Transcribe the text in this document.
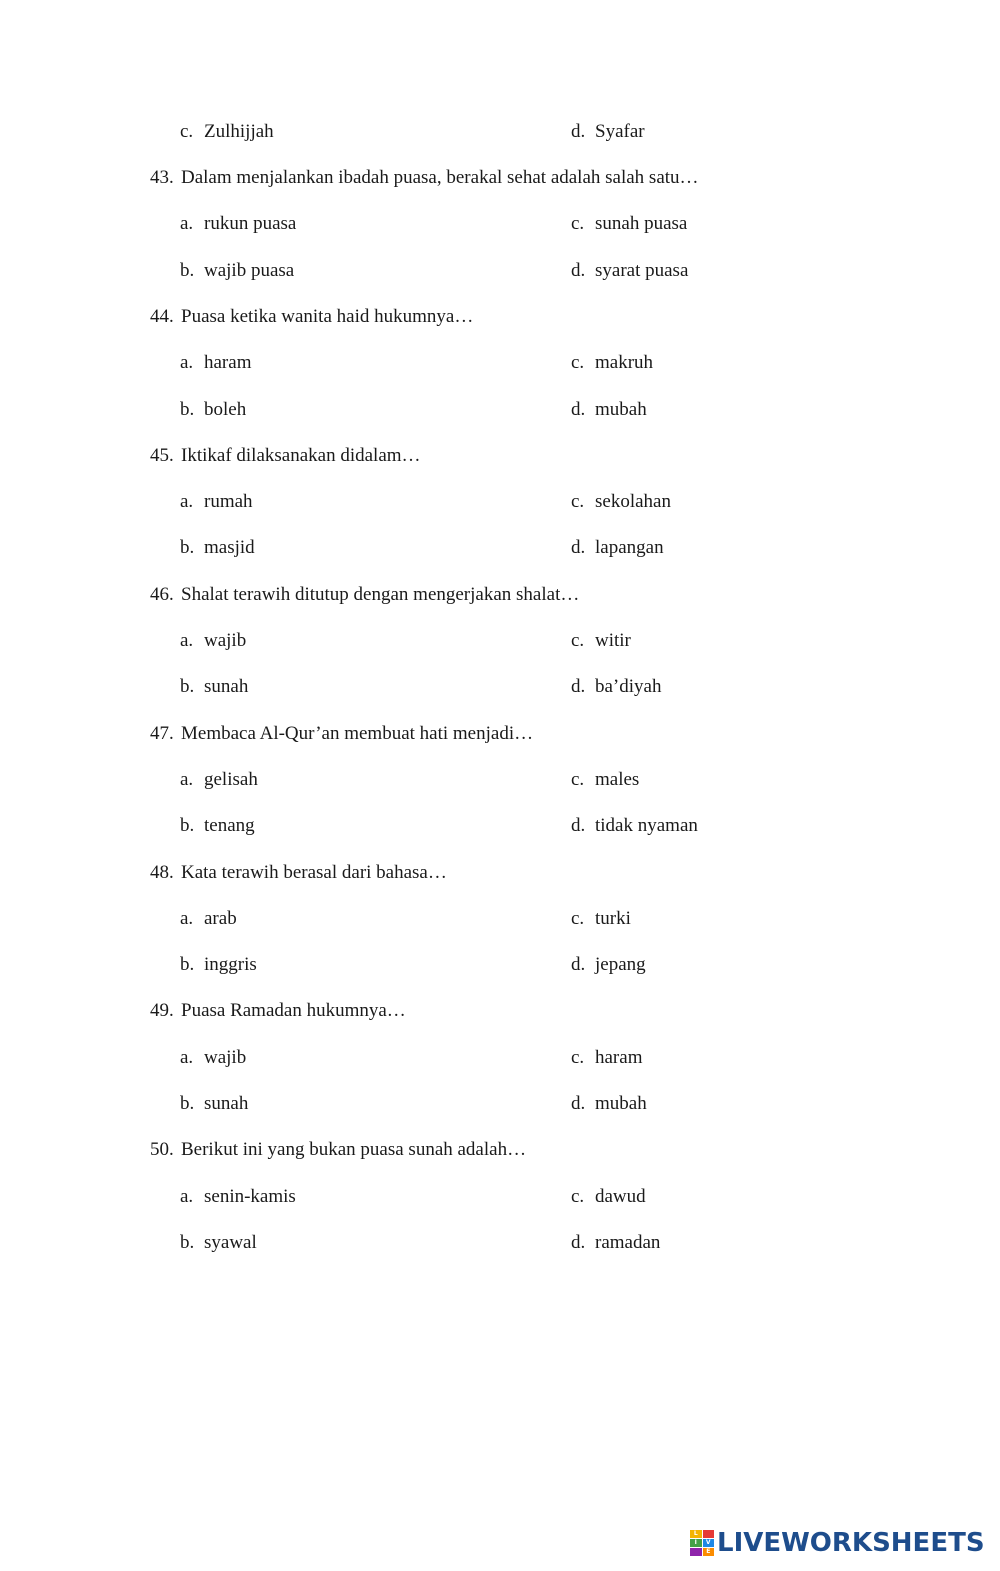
c. Zulhijjah	d. Syafar
43. Dalam menjalankan ibadah puasa, berakal sehat adalah salah satu…
a. rukun puasa	c. sunah puasa
b. wajib puasa	d. syarat puasa
44. Puasa ketika wanita haid hukumnya…
a. haram	c. makruh
b. boleh	d. mubah
45. Iktikaf dilaksanakan didalam…
a. rumah	c. sekolahan
b. masjid	d. lapangan
46. Shalat terawih ditutup dengan mengerjakan shalat…
a. wajib	c. witir
b. sunah	d. ba’diyah
47. Membaca Al-Qur’an membuat hati menjadi…
a. gelisah	c. males
b. tenang	d. tidak nyaman
48. Kata terawih berasal dari bahasa…
a. arab	c. turki
b. inggris	d. jepang
49. Puasa Ramadan hukumnya…
a. wajib	c. haram
b. sunah	d. mubah
50. Berikut ini yang bukan puasa sunah adalah…
a. senin-kamis	c. dawud
b. syawal	d. ramadan
L
I	V
E LIVEWORKSHEETS
